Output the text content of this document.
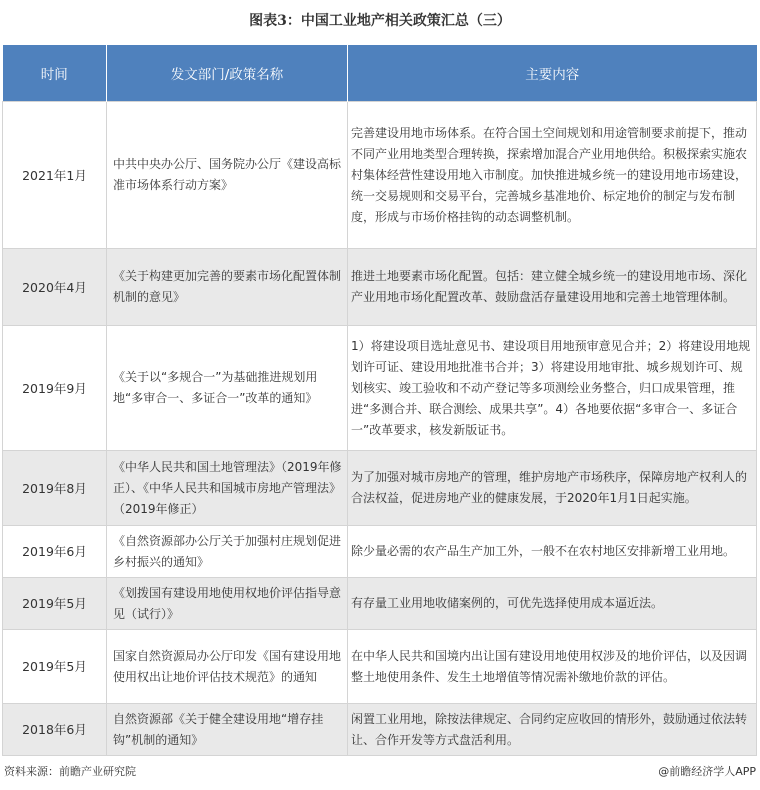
图表3：中国工业地产相关政策汇总（三）
时间	发文部门/政策名称	主要内容
2021年1月	中共中央办公厅、国务院办公厅《建设高标准市场体系行动方案》	完善建设用地市场体系。在符合国土空间规划和用途管制要求前提下，推动不同产业用地类型合理转换，探索增加混合产业用地供给。积极探索实施农村集体经营性建设用地入市制度。加快推进城乡统一的建设用地市场建设，统一交易规则和交易平台，完善城乡基准地价、标定地价的制定与发布制度，形成与市场价格挂钩的动态调整机制。
2020年4月	《关于构建更加完善的要素市场化配置体制机制的意见》	推进土地要素市场化配置。包括：建立健全城乡统一的建设用地市场、深化产业用地市场化配置改革、鼓励盘活存量建设用地和完善土地管理体制。
2019年9月	《关于以“多规合一”为基础推进规划用地“多审合一、多证合一”改革的通知》	1）将建设项目选址意见书、建设项目用地预审意见合并；2）将建设用地规划许可证、建设用地批准书合并；3）将建设用地审批、城乡规划许可、规划核实、竣工验收和不动产登记等多项测绘业务整合，归口成果管理，推进“多测合并、联合测绘、成果共享”。4）各地要依据“多审合一、多证合一”改革要求，核发新版证书。
2019年8月	《中华人民共和国土地管理法》（2019年修正）、《中华人民共和国城市房地产管理法》（2019年修正）	为了加强对城市房地产的管理，维护房地产市场秩序，保障房地产权利人的合法权益，促进房地产业的健康发展，于2020年1月1日起实施。
2019年6月	《自然资源部办公厅关于加强村庄规划促进乡村振兴的通知》	除少量必需的农产品生产加工外，一般不在农村地区安排新增工业用地。
2019年5月	《划拨国有建设用地使用权地价评估指导意见（试行）》	有存量工业用地收储案例的，可优先选择使用成本逼近法。
2019年5月	国家自然资源局办公厅印发《国有建设用地使用权出让地价评估技术规范》的通知	在中华人民共和国境内出让国有建设用地使用权涉及的地价评估，以及因调整土地使用条件、发生土地增值等情况需补缴地价款的评估。
2018年6月	自然资源部《关于健全建设用地“增存挂钩”机制的通知》	闲置工业用地，除按法律规定、合同约定应收回的情形外，鼓励通过依法转让、合作开发等方式盘活利用。
资料来源：前瞻产业研究院	@前瞻经济学人APP
